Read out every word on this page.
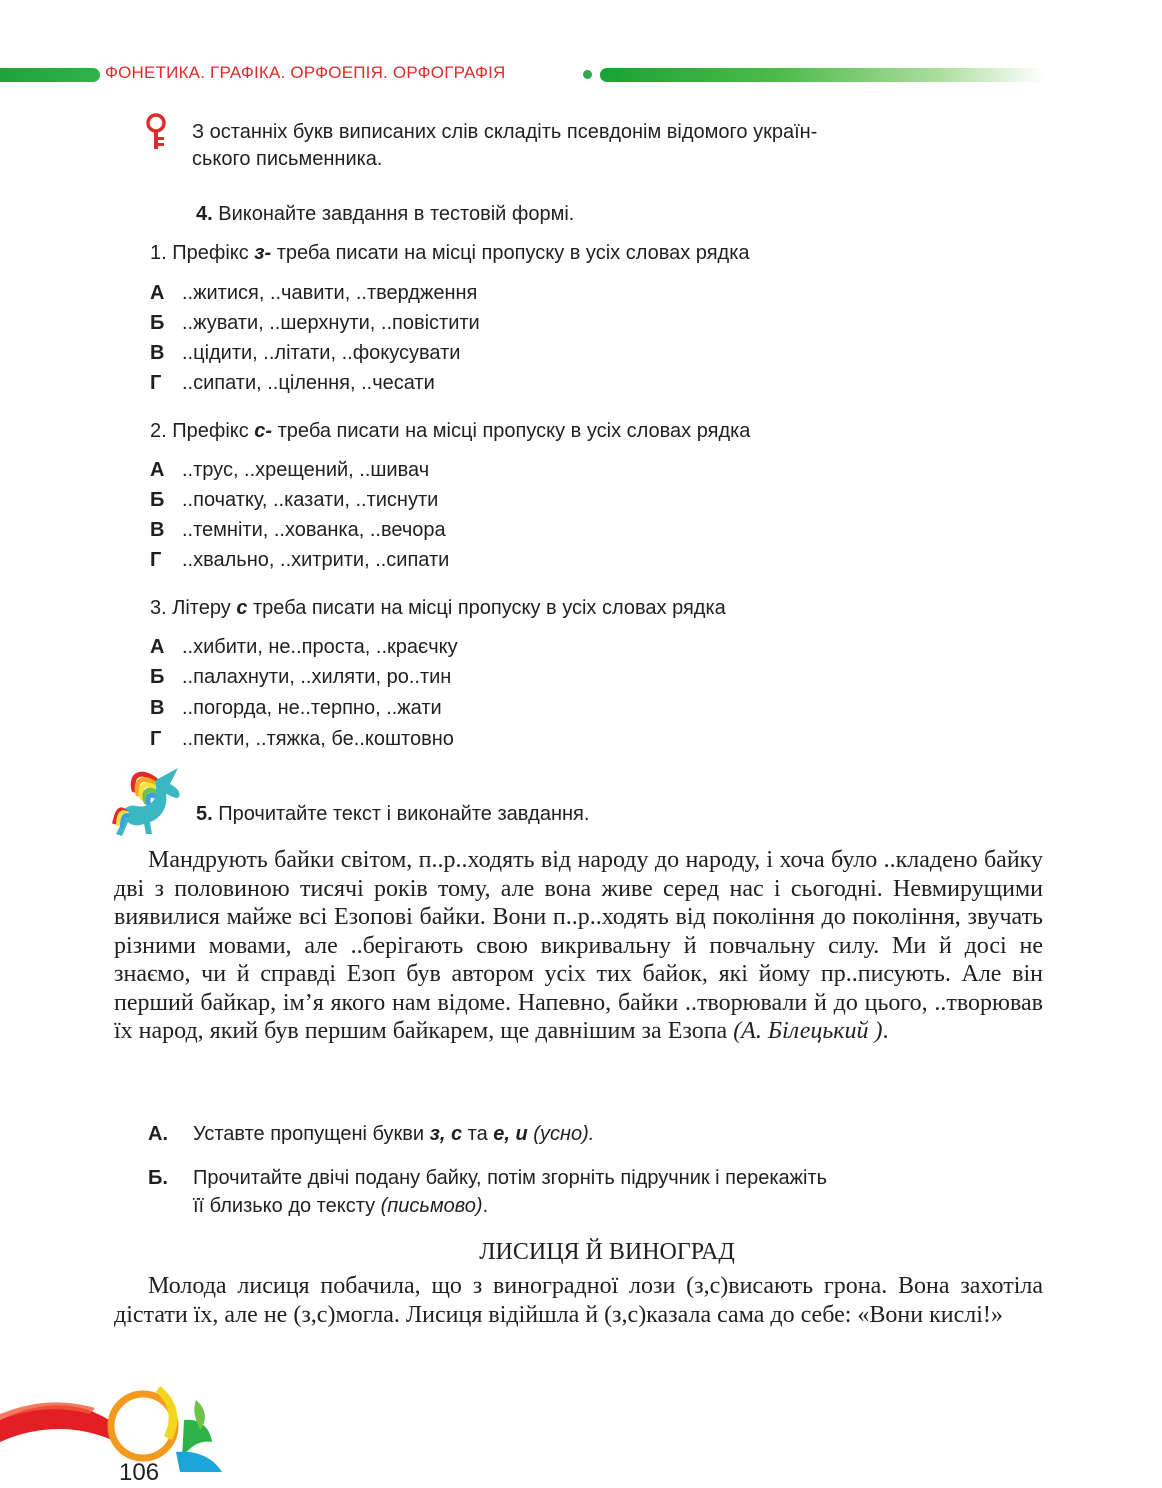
ФОНЕТИКА. ГРАФІКА. ОРФОЕПІЯ. ОРФОГРАФІЯ
З останніх букв виписаних слів складіть псевдонім відомого україн-
ського письменника.
4. Виконайте завдання в тестовій формі.
1. Префікс з- треба писати на місці пропуску в усіх словах рядка
А ..житися, ..чавити, ..твердження
Б ..жувати, ..шерхнути, ..повістити
В ..цідити, ..літати, ..фокусувати
Г ..сипати, ..цілення, ..чесати
2. Префікс с- треба писати на місці пропуску в усіх словах рядка
А ..трус, ..хрещений, ..шивач
Б ..початку, ..казати, ..тиснути
В ..темніти, ..хованка, ..вечора
Г ..хвально, ..хитрити, ..сипати
3. Літеру с треба писати на місці пропуску в усіх словах рядка
А ..хибити, не..проста, ..краєчку
Б ..палахнути, ..хиляти, ро..тин
В ..погорда, не..терпно, ..жати
Г ..пекти, ..тяжка, бе..коштовно
5. Прочитайте текст і виконайте завдання.
Мандрують байки світом, п..р..ходять від народу до народу, і хоча було ..кладено байку дві з половиною тисячі років тому, але вона живе серед нас і сьогодні. Невмирущими виявилися майже всі Езопові байки. Вони п..р..ходять від покоління до покоління, звучать різними мовами, але ..берігають свою викривальну й повчальну силу. Ми й досі не знаємо, чи й справді Езоп був автором усіх тих байок, які йому пр..писують. Але він перший байкар, ім’я якого нам відоме. Напевно, байки ..творювали й до цього, ..творював їх народ, який був першим байкарем, ще давнішим за Езопа (А. Білецький ).
А. Уставте пропущені букви з, с та е, и (усно).
Б. Прочитайте двічі подану байку, потім згорніть підручник і перекажіть
її близько до тексту (письмово).
ЛИСИЦЯ Й ВИНОГРАД
Молода лисиця побачила, що з виноградної лози (з,с)висають грона. Вона захотіла дістати їх, але не (з,с)могла. Лисиця відійшла й (з,с)казала сама до себе: «Вони кислі!»
106
